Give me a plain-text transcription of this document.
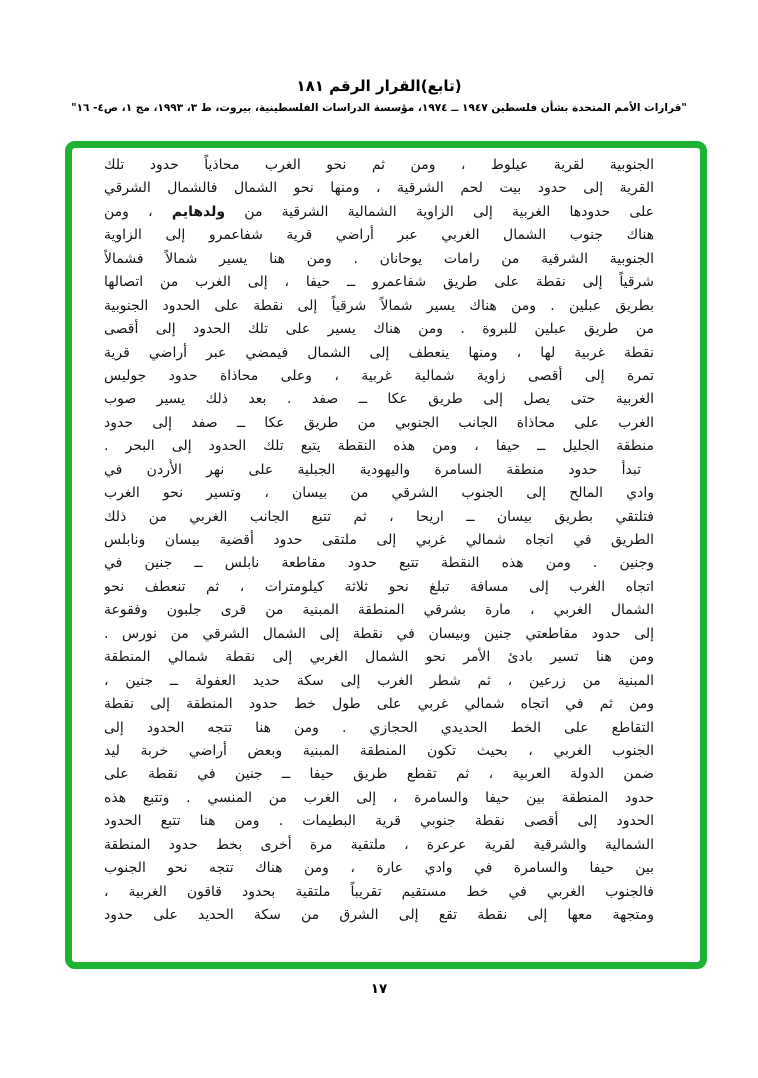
(تابع)القرار الرقم ١٨١
"قرارات الأمم المتحدة بشأن فلسطين ١٩٤٧ ــ ١٩٧٤، مؤسسة الدراسات الفلسطينية، بيروت، ط ٣، ١٩٩٣، مج ١، ص٤- ١٦"
الجنوبية لقرية عيلوط ، ومن ثم نحو الغرب محاذياً حدود تلك
القرية إلى حدود بيت لحم الشرقية ، ومنها نحو الشمال فالشمال الشرقي
على حدودها الغربية إلى الزاوية الشمالية الشرقية من ولدهايم ، ومن
هناك جنوب الشمال الغربي عبر أراضي قرية شفاعمرو إلى الزاوية
الجنوبية الشرقية من رامات يوحانان . ومن هنا يسير شمالاً فشمالاً
شرقياً إلى نقطة على طريق شفاعمرو ــ حيفا ، إلى الغرب من اتصالها
بطريق عبلين . ومن هناك يسير شمالاً شرقياً إلى نقطة على الحدود الجنوبية
من طريق عبلين للبروة . ومن هناك يسير على تلك الحدود إلى أقصى
نقطة غربية لها ، ومنها ينعطف إلى الشمال فيمضي عبر أراضي قرية
تمرة إلى أقصى زاوية شمالية غربية ، وعلى محاذاة حدود جوليس
الغربية حتى يصل إلى طريق عكا ــ صفد . بعد ذلك يسير صوب
الغرب على محاذاة الجانب الجنوبي من طريق عكا ــ صفد إلى حدود
منطقة الجليل ــ حيفا ، ومن هذه النقطة يتبع تلك الحدود إلى البحر .
تبدأ حدود منطقة السامرة واليهودية الجبلية على نهر الأُردن في
وادي المالح إلى الجنوب الشرقي من بيسان ، وتسير نحو الغرب
فتلتقي بطريق بيسان ــ اريحا ، ثم تتبع الجانب الغربي من ذلك
الطريق في اتجاه شمالي غربي إلى ملتقى حدود أقضية بيسان ونابلس
وجنين . ومن هذه النقطة تتبع حدود مقاطعة نابلس ــ جنين في
اتجاه الغرب إلى مسافة تبلغ نحو ثلاثة كيلومترات ، ثم تنعطف نحو
الشمال الغربي ، مارة بشرقي المنطقة المبنية من قرى جلبون وفقوعة
إلى حدود مقاطعتي جنين وبيسان في نقطة إلى الشمال الشرقي من نورس .
ومن هنا تسير بادئ الأمر نحو الشمال الغربي إلى نقطة شمالي المنطقة
المبنية من زرعين ، ثم شطر الغرب إلى سكة حديد العفولة ــ جنين ،
ومن ثم في اتجاه شمالي غربي على طول خط حدود المنطقة إلى نقطة
التقاطع على الخط الحديدي الحجازي . ومن هنا تتجه الحدود إلى
الجنوب الغربي ، بحيث تكون المنطقة المبنية وبعض أراضي خربة ليد
ضمن الدولة العربية ، ثم تقطع طريق حيفا ــ جنين في نقطة على
حدود المنطقة بين حيفا والسامرة ، إلى الغرب من المنسي . وتتبع هذه
الحدود إلى أقصى نقطة جنوبي قرية البطيمات . ومن هنا تتبع الحدود
الشمالية والشرقية لقرية عرعرة ، ملتقية مرة أخرى بخط حدود المنطقة
بين حيفا والسامرة في وادي عارة ، ومن هناك تتجه نحو الجنوب
فالجنوب الغربي في خط مستقيم تقريباً ملتقية بحدود قاقون الغربية ،
ومتجهة معها إلى نقطة تقع إلى الشرق من سكة الحديد على حدود
١٧
